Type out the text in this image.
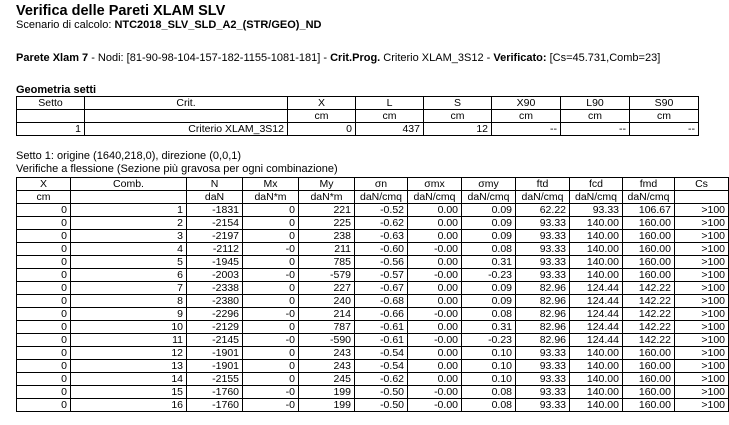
Verifica delle Pareti XLAM SLV
Scenario di calcolo: NTC2018_SLV_SLD_A2_(STR/GEO)_ND
Parete Xlam 7 - Nodi: [81-90-98-104-157-182-1155-1081-181] - Crit.Prog. Criterio XLAM_3S12 - Verificato: [Cs=45.731,Comb=23]
Geometria setti
Setto	Crit.	X	L	S	X90	L90	S90
		cm	cm	cm	cm	cm	cm
1	Criterio XLAM_3S12	0	437	12	--	--	--
Setto 1: origine (1640,218,0), direzione (0,0,1)
Verifiche a flessione (Sezione più gravosa per ogni combinazione)
X	Comb.	N	Mx	My	σn	σmx	σmy	ftd	fcd	fmd	Cs
cm		daN	daN*m	daN*m	daN/cmq	daN/cmq	daN/cmq	daN/cmq	daN/cmq	daN/cmq	
0	1	-1831	0	221	-0.52	0.00	0.09	62.22	93.33	106.67	>100
0	2	-2154	0	225	-0.62	0.00	0.09	93.33	140.00	160.00	>100
0	3	-2197	0	238	-0.63	0.00	0.09	93.33	140.00	160.00	>100
0	4	-2112	-0	211	-0.60	-0.00	0.08	93.33	140.00	160.00	>100
0	5	-1945	0	785	-0.56	0.00	0.31	93.33	140.00	160.00	>100
0	6	-2003	-0	-579	-0.57	-0.00	-0.23	93.33	140.00	160.00	>100
0	7	-2338	0	227	-0.67	0.00	0.09	82.96	124.44	142.22	>100
0	8	-2380	0	240	-0.68	0.00	0.09	82.96	124.44	142.22	>100
0	9	-2296	-0	214	-0.66	-0.00	0.08	82.96	124.44	142.22	>100
0	10	-2129	0	787	-0.61	0.00	0.31	82.96	124.44	142.22	>100
0	11	-2145	-0	-590	-0.61	-0.00	-0.23	82.96	124.44	142.22	>100
0	12	-1901	0	243	-0.54	0.00	0.10	93.33	140.00	160.00	>100
0	13	-1901	0	243	-0.54	0.00	0.10	93.33	140.00	160.00	>100
0	14	-2155	0	245	-0.62	0.00	0.10	93.33	140.00	160.00	>100
0	15	-1760	-0	199	-0.50	-0.00	0.08	93.33	140.00	160.00	>100
0	16	-1760	-0	199	-0.50	-0.00	0.08	93.33	140.00	160.00	>100
